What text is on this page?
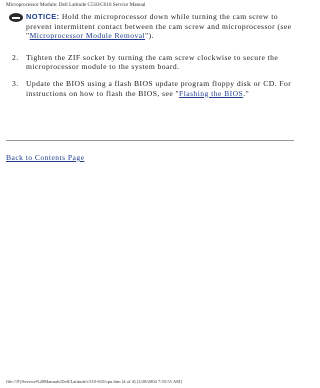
Microprocessor Module: Dell Latitude C510/C610 Service Manual
NOTICE: Hold the microprocessor down while turning the cam screw to prevent intermittent contact between the cam screw and microprocessor (see "Microprocessor Module Removal").
2. Tighten the ZIF socket by turning the cam screw clockwise to secure the microprocessor module to the system board.
3. Update the BIOS using a flash BIOS update program floppy disk or CD. For instructions on how to flash the BIOS, see "Flashing the BIOS."
Back to Contents Page
file:///F|/Service%20Manuals/Dell/Latitude/c510-610/cpu.htm (4 of 4) [2/28/2004 7:55:51 AM]
